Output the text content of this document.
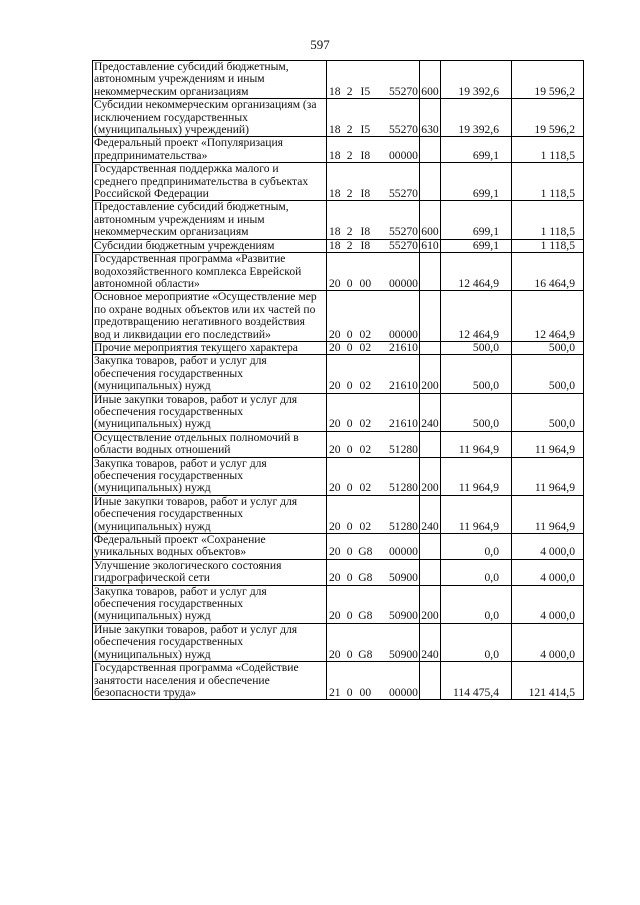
597
Предоставление субсидий бюджетным, автономным учреждениям и иным некоммерческим организациям	18 2 I5 55270	600	19 392,6	19 596,2
Субсидии некоммерческим организациям (за исключением государственных (муниципальных) учреждений)	18 2 I5 55270	630	19 392,6	19 596,2
Федеральный проект «Популяризация предпринимательства»	18 2 I8 00000		699,1	1 118,5
Государственная поддержка малого и среднего предпринимательства в субъектах Российской Федерации	18 2 I8 55270		699,1	1 118,5
Предоставление субсидий бюджетным, автономным учреждениям и иным некоммерческим организациям	18 2 I8 55270	600	699,1	1 118,5
Субсидии бюджетным учреждениям	18 2 I8 55270	610	699,1	1 118,5
Государственная программа «Развитие водохозяйственного комплекса Еврейской автономной области»	20 0 00 00000		12 464,9	16 464,9
Основное мероприятие «Осуществление мер по охране водных объектов или их частей по предотвращению негативного воздействия вод и ликвидации его последствий»	20 0 02 00000		12 464,9	12 464,9
Прочие мероприятия текущего характера	20 0 02 21610		500,0	500,0
Закупка товаров, работ и услуг для обеспечения государственных (муниципальных) нужд	20 0 02 21610	200	500,0	500,0
Иные закупки товаров, работ и услуг для обеспечения государственных (муниципальных) нужд	20 0 02 21610	240	500,0	500,0
Осуществление отдельных полномочий в области водных отношений	20 0 02 51280		11 964,9	11 964,9
Закупка товаров, работ и услуг для обеспечения государственных (муниципальных) нужд	20 0 02 51280	200	11 964,9	11 964,9
Иные закупки товаров, работ и услуг для обеспечения государственных (муниципальных) нужд	20 0 02 51280	240	11 964,9	11 964,9
Федеральный проект «Сохранение уникальных водных объектов»	20 0 G8 00000		0,0	4 000,0
Улучшение экологического состояния гидрографической сети	20 0 G8 50900		0,0	4 000,0
Закупка товаров, работ и услуг для обеспечения государственных (муниципальных) нужд	20 0 G8 50900	200	0,0	4 000,0
Иные закупки товаров, работ и услуг для обеспечения государственных (муниципальных) нужд	20 0 G8 50900	240	0,0	4 000,0
Государственная программа «Содействие занятости населения и обеспечение безопасности труда»	21 0 00 00000		114 475,4	121 414,5
